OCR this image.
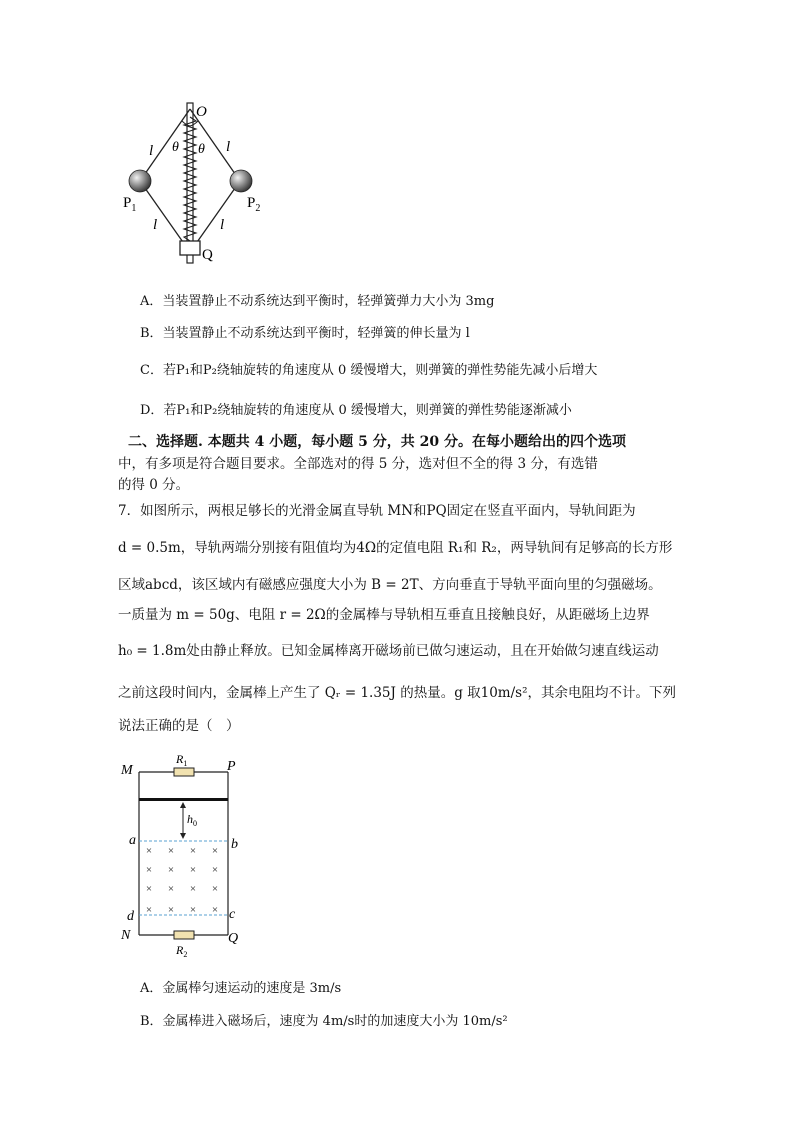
O
l	l
θ θ
$P_1$	$P_2$
l	l
Q
A．当装置静止不动系统达到平衡时，轻弹簧弹力大小为 3mg
B．当装置静止不动系统达到平衡时，轻弹簧的伸长量为 l
C．若P₁和P₂绕轴旋转的角速度从 0 缓慢增大，则弹簧的弹性势能先减小后增大
D．若P₁和P₂绕轴旋转的角速度从 0 缓慢增大，则弹簧的弹性势能逐渐减小
二、选择题. 本题共 4 小题，每小题 5 分，共 20 分。在每小题给出的四个选项
中，有多项是符合题目要求。全部选对的得 5 分，选对但不全的得 3 分，有选错
的得 0 分。
7．如图所示，两根足够长的光滑金属直导轨 MN和PQ固定在竖直平面内，导轨间距为
d = 0.5m，导轨两端分别接有阻值均为4Ω的定值电阻 R₁和 R₂，两导轨间有足够高的长方形
区域abcd，该区域内有磁感应强度大小为 B = 2T、方向垂直于导轨平面向里的匀强磁场。
一质量为 m = 50g、电阻 r = 2Ω的金属棒与导轨相互垂直且接触良好，从距磁场上边界
h₀ = 1.8m处由静止释放。已知金属棒离开磁场前已做匀速运动，且在开始做匀速直线运动
之前这段时间内，金属棒上产生了 Qᵣ = 1.35J 的热量。g 取10m/s²，其余电阻均不计。下列
说法正确的是（　）
× × × ×
× × × ×
× × × ×
× × × ×
M	P
$R_1$
$h_0$
a	b
d	c
N	Q
$R_2$
A．金属棒匀速运动的速度是 3m/s
B．金属棒进入磁场后，速度为 4m/s时的加速度大小为 10m/s²
